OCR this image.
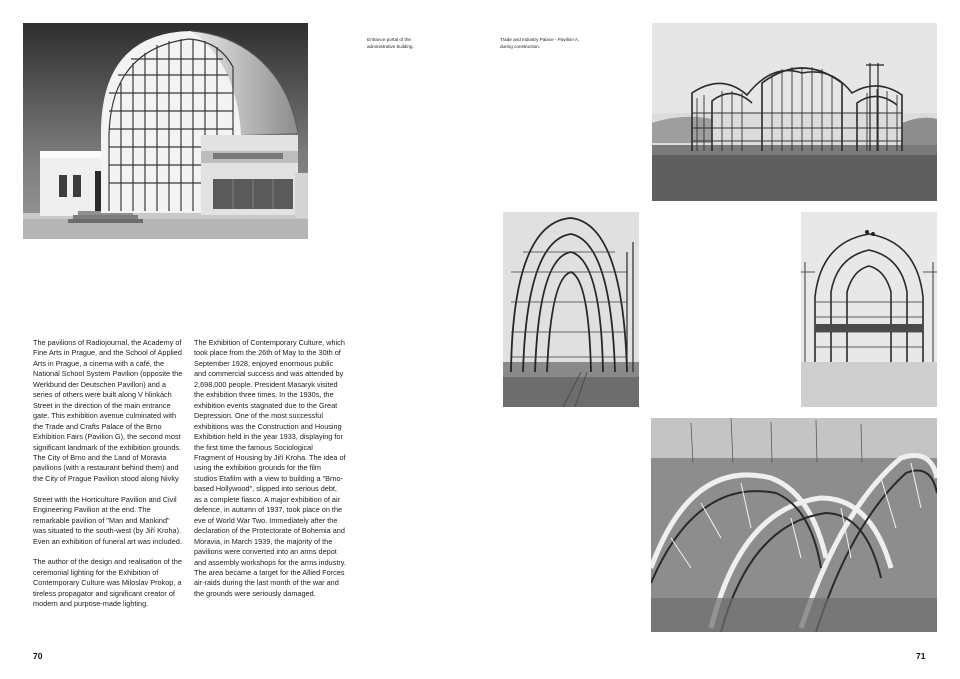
The pavilions of Radiojournal, the Academy of Fine Arts in Prague, and the School of Applied Arts in Prague, a cinema with a café, the National School System Pavilion (opposite the Werkbund der Deutschen Pavillon) and a series of others were built along V hlinkách Street in the direction of the main entrance gate. This exhibition avenue culminated with the Trade and Crafts Palace of the Brno Exhibition Fairs (Pavilion G), the second most significant landmark of the exhibition grounds. The City of Brno and the Land of Moravia pavilions (with a restaurant behind them) and the City of Prague Pavilion stood along Nivky

Street with the Horticulture Pavilion and Civil Engineering Pavilion at the end. The remarkable pavilion of "Man and Mankind" was situated to the south-west (by Jiří Kroha). Even an exhibition of funeral art was included.

The author of the design and realisation of the ceremonial lighting for the Exhibition of Contemporary Culture was Miloslav Prokop, a tireless propagator and significant creator of modern and purpose-made lighting.

The Exhibition of Contemporary Culture, which took place from the 26th of May to the 30th of September 1928, enjoyed enormous public and commercial success and was attended by 2,698,000 people. President Masaryk visited the exhibition three times. In the 1930s, the exhibition events stagnated due to the Great Depression. One of the most successful exhibitions was the Construction and Housing Exhibition held in the year 1933, displaying for the first time the famous Sociological Fragment of Housing by Jiří Kroha. The idea of using the exhibition grounds for the film studios Etafilm with a view to building a "Brno-based Hollywood", slipped into serious debt, as a complete fiasco. A major exhibition of air defence, in autumn of 1937, took place on the eve of World War Two. Immediately after the declaration of the Protectorate of Bohemia and Moravia, in March 1939, the majority of the pavilions were converted into an arms depot and assembly workshops for the arms industry. The area became a target for the Allied Forces air-raids during the last month of the war and the grounds were seriously damaged.

70
Entrance portal of the administrative building.
Trade and Industry Palace - Pavilion A, during construction.
71
